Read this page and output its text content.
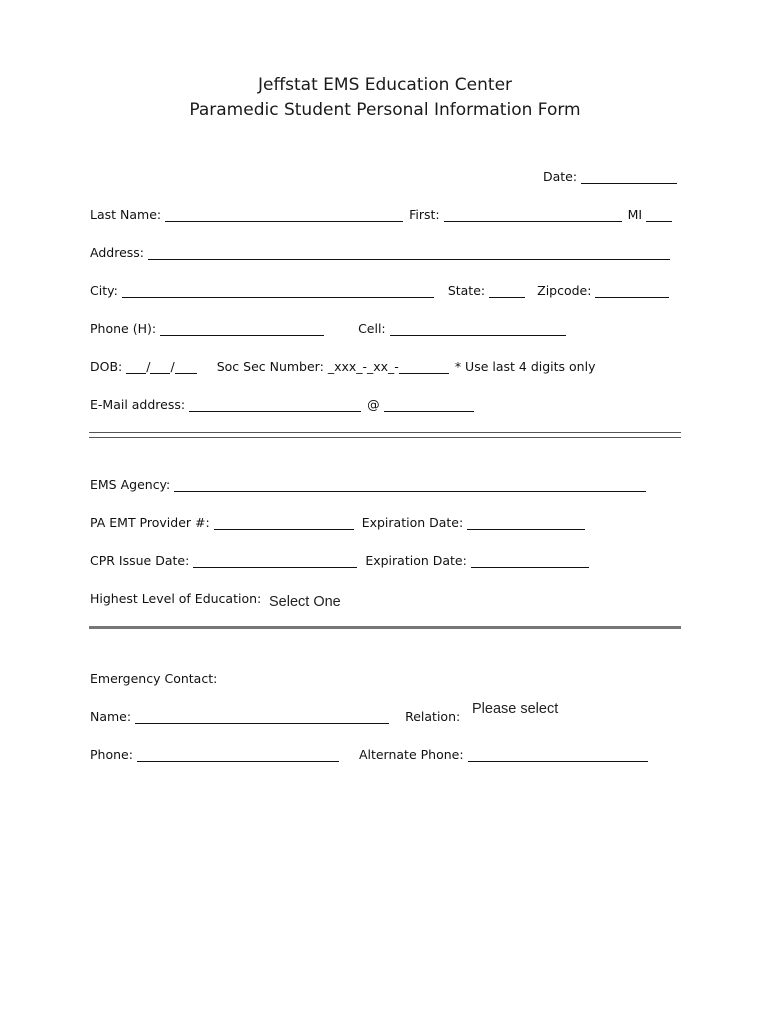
Jeffstat EMS Education Center
Paramedic Student Personal Information Form
Date:
Last Name:	First:	MI
Address:
City:	State:	Zipcode:
Phone (H):	Cell:
DOB: / /	Soc Sec Number: _xxx_-_xx_-	* Use last 4 digits only
E-Mail address:	@
EMS Agency:
PA EMT Provider #:	Expiration Date:
CPR Issue Date:	Expiration Date:
Highest Level of Education: Select One
Emergency Contact:
Name:	Relation: Please select
Phone:	Alternate Phone:
